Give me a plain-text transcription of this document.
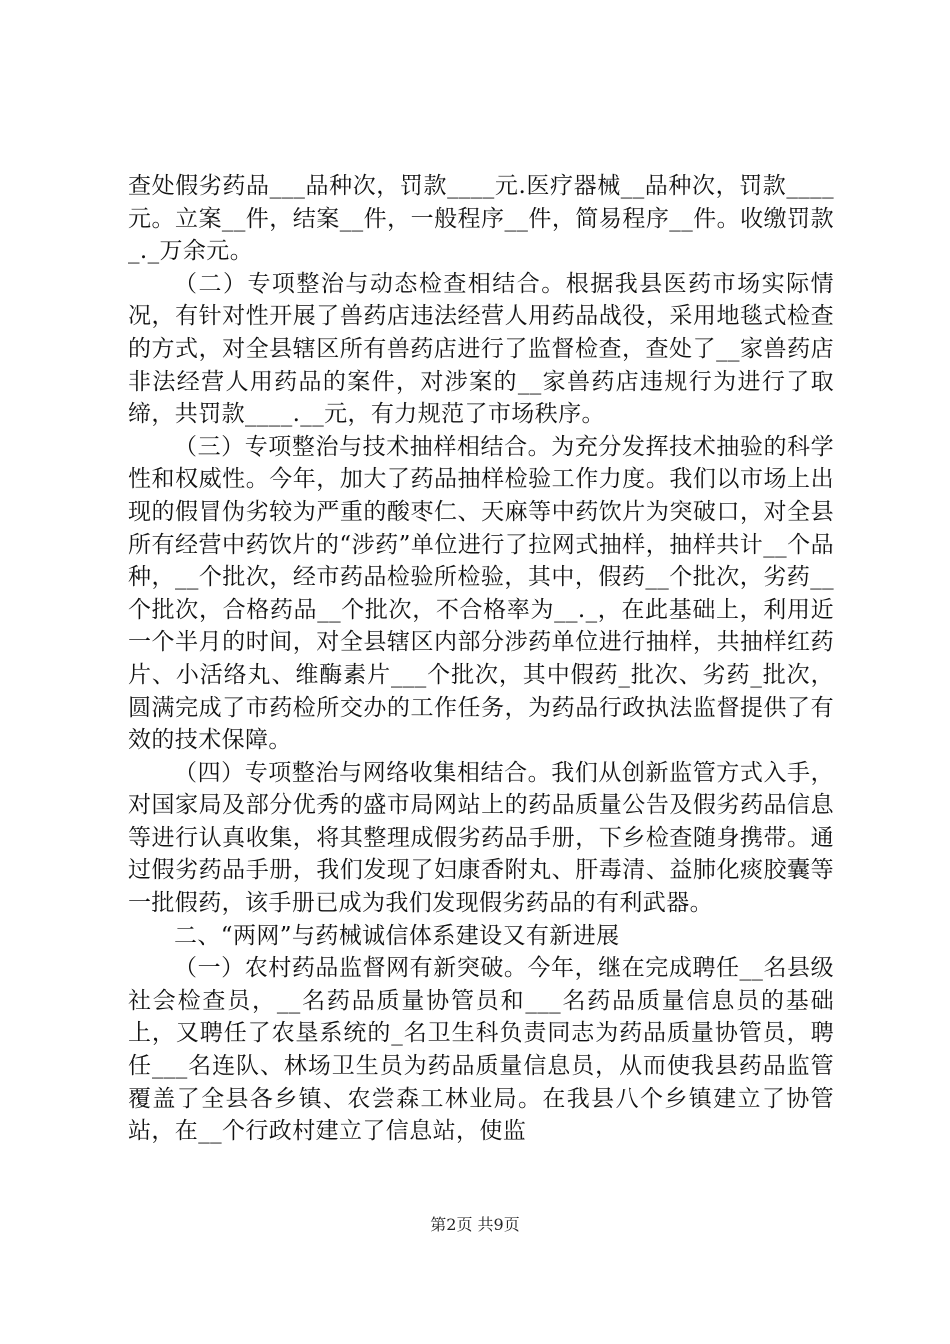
查处假劣药品___品种次，罚款____元.医疗器械__品种次，罚款____元。立案__件，结案__件，一般程序__件，简易程序__件。收缴罚款_._万余元。

（二）专项整治与动态检查相结合。根据我县医药市场实际情况，有针对性开展了兽药店违法经营人用药品战役，采用地毯式检查的方式，对全县辖区所有兽药店进行了监督检查，查处了__家兽药店非法经营人用药品的案件，对涉案的__家兽药店违规行为进行了取缔，共罚款____.__元，有力规范了市场秩序。

（三）专项整治与技术抽样相结合。为充分发挥技术抽验的科学性和权威性。今年，加大了药品抽样检验工作力度。我们以市场上出现的假冒伪劣较为严重的酸枣仁、天麻等中药饮片为突破口，对全县所有经营中药饮片的“涉药”单位进行了拉网式抽样，抽样共计__个品种，__个批次，经市药品检验所检验，其中，假药__个批次，劣药__个批次，合格药品__个批次，不合格率为__._，在此基础上，利用近一个半月的时间，对全县辖区内部分涉药单位进行抽样，共抽样红药片、小活络丸、维酶素片___个批次，其中假药_批次、劣药_批次，圆满完成了市药检所交办的工作任务，为药品行政执法监督提供了有效的技术保障。

（四）专项整治与网络收集相结合。我们从创新监管方式入手，对国家局及部分优秀的盛市局网站上的药品质量公告及假劣药品信息等进行认真收集，将其整理成假劣药品手册，下乡检查随身携带。通过假劣药品手册，我们发现了妇康香附丸、肝毒清、益肺化痰胶囊等一批假药，该手册已成为我们发现假劣药品的有利武器。

二、“两网”与药械诚信体系建设又有新进展

（一）农村药品监督网有新突破。今年，继在完成聘任__名县级社会检查员，__名药品质量协管员和___名药品质量信息员的基础上，又聘任了农垦系统的_名卫生科负责同志为药品质量协管员，聘任___名连队、林场卫生员为药品质量信息员，从而使我县药品监管覆盖了全县各乡镇、农尝森工林业局。在我县八个乡镇建立了协管站，在__个行政村建立了信息站，使监

第2页 共9页
